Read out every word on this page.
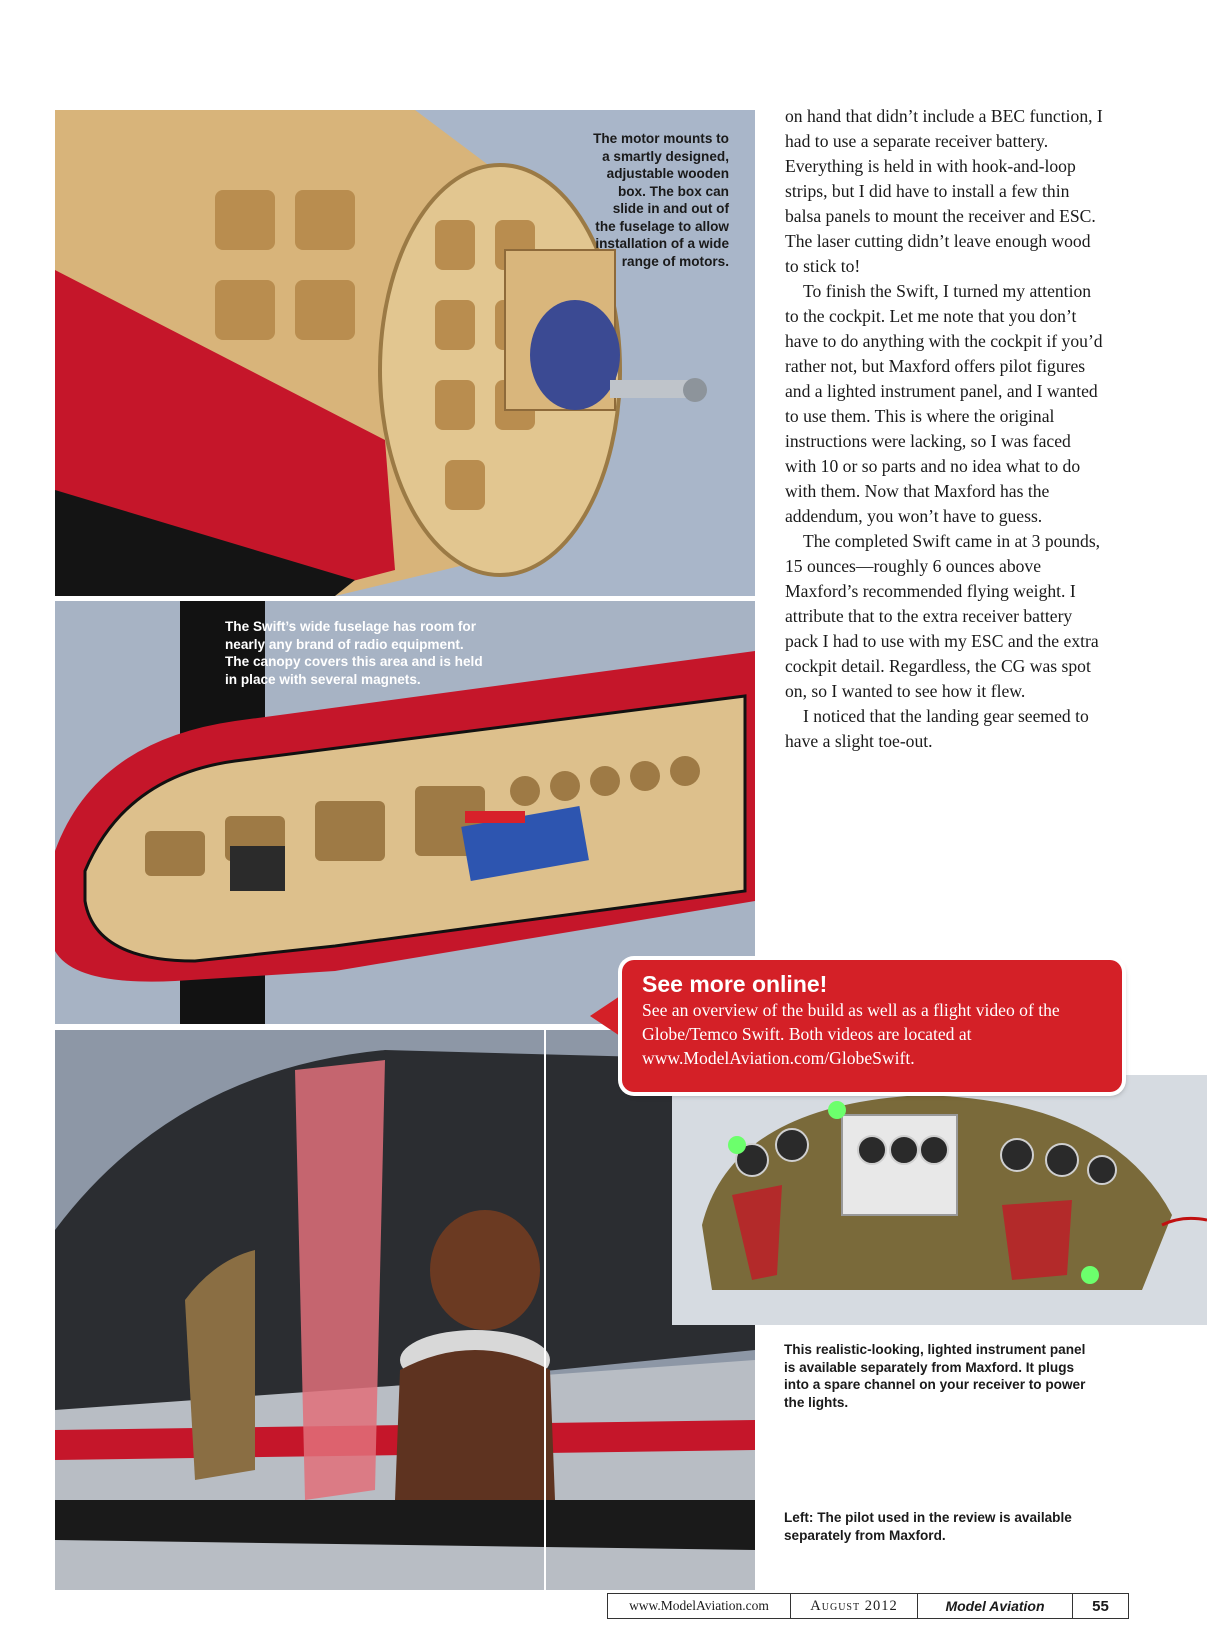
The motor mounts to
a smartly designed,
adjustable wooden
box. The box can
slide in and out of
the fuselage to allow
installation of a wide
range of motors.
The Swift’s wide fuselage has room for
nearly any brand of radio equipment.
The canopy covers this area and is held
in place with several magnets.
This realistic-looking, lighted instrument panel
is available separately from Maxford. It plugs
into a spare channel on your receiver to power
the lights.
Left: The pilot used in the review is available
separately from Maxford.

on hand that didn’t include a BEC function, I had to use a separate receiver battery. Everything is held in with hook-and-loop strips, but I did have to install a few thin balsa panels to mount the receiver and ESC. The laser cutting didn’t leave enough wood to stick to!

To finish the Swift, I turned my attention to the cockpit. Let me note that you don’t have to do anything with the cockpit if you’d rather not, but Maxford offers pilot figures and a lighted instrument panel, and I wanted to use them. This is where the original instructions were lacking, so I was faced with 10 or so parts and no idea what to do with them. Now that Maxford has the addendum, you won’t have to guess.

The completed Swift came in at 3 pounds, 15 ounces—roughly 6 ounces above Maxford’s recommended flying weight. I attribute that to the extra receiver battery pack I had to use with my ESC and the extra cockpit detail. Regardless, the CG was spot on, so I wanted to see how it flew.

I noticed that the landing gear seemed to have a slight toe-out.

See more online!

See an overview of the build as well as a flight video of the Globe/Temco Swift. Both videos are located at www.ModelAviation.com/GlobeSwift.

www.ModelAviation.com	August 2012	Model Aviation	55
